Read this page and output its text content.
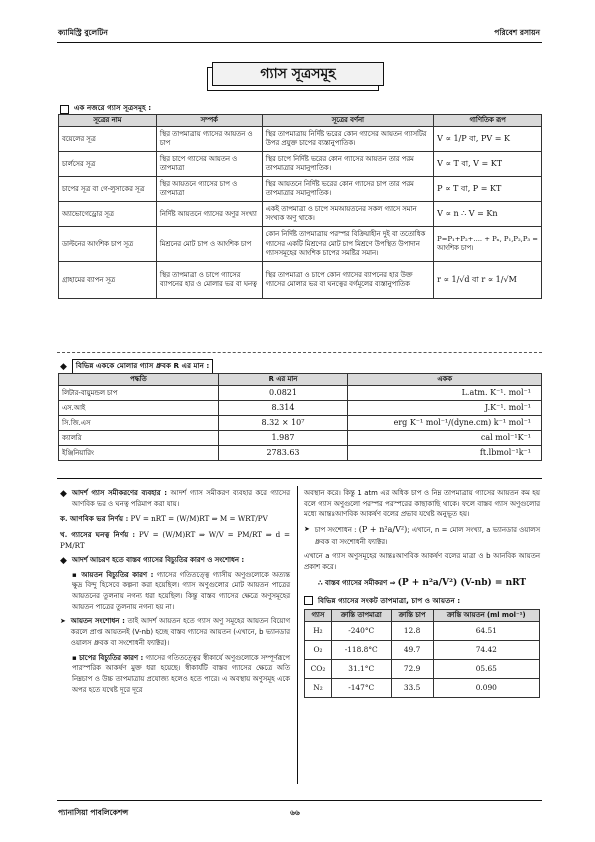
ক্যামিস্ট্রি বুলেটিন	পরিবেশ রসায়ন
গ্যাস সূত্রসমূহ
এক নজরে গ্যাস সূত্রসমূহ :
সূত্রের নাম	সম্পর্ক	সূত্রের বর্ণনা	গাণিতিক রূপ
বয়েলের সূত্র	স্থির তাপমাত্রায় গ্যাসের আয়তন ও চাপ	স্থির তাপমাত্রায় নির্দিষ্ট ভরের কোন গ্যাসের আয়তন গ্যাসটির উপর প্রযুক্ত চাপের ব্যস্তানুপাতিক।	V ∝ 1/P বা, PV = K
চার্লসের সূত্র	স্থির চাপে গ্যাসের আয়তন ও তাপমাত্রা	স্থির চাপে নির্দিষ্ট ভরের কোন গ্যাসের আয়তন তার পরম তাপমাত্রার সমানুপাতিক।	V ∝ T বা, V = KT
চাপের সূত্র বা গে-লুসাকের সূত্র	স্থির আয়তনে গ্যাসের চাপ ও তাপমাত্রা	স্থির আয়তনে নির্দিষ্ট ভরের কোন গ্যাসের চাপ তার পরম তাপমাত্রার সমানুপাতিক।	P ∝ T বা, P = KT
অ্যাভোগেড্রোর সূত্র	নির্দিষ্ট আয়তনে গ্যাসের অণুর সংখ্যা	একই তাপমাত্রা ও চাপে সমআয়তনের সকল গ্যাসে সমান সংখ্যক অণু থাকে।	V ∝ n ∴ V = Kn
ডাল্টনের আংশিক চাপ সূত্র	মিশ্রনের মোট চাপ ও আংশিক চাপ	কোন নির্দিষ্ট তাপমাত্রায় পরস্পর বিক্রিয়াহীন দুই বা ততোধিক গ্যাসের একটি মিশ্রণের মোট চাপ মিশ্রণে উপস্থিত উপাদান গ্যাসসমূহের আংশিক চাপের সমষ্টির সমান।	P=P₁+P₂+.... + Pₙ, P₁,P₂,P₃ = আংশিক চাপ।
গ্রাহামের ব্যাপন সূত্র	স্থির তাপমাত্রা ও চাপে গ্যাসের ব্যাপনের হার ও মোলার ভর বা ঘনত্ব	স্থির তাপমাত্রা ও চাপে কোন গ্যাসের ব্যাপনের হার উক্ত গ্যাসের মোলার ভর বা ঘনত্বের বর্গমূলের ব্যস্তানুপাতিক	r ∝ 1/√d বা r ∝ 1/√M
◆	বিভিন্ন এককে মোলার গ্যাস ধ্রুবক R এর মান :
পদ্ধতি	R এর মান	একক
লিটার-বায়ুমন্ডল চাপ	0.0821	L.atm. K⁻¹. mol⁻¹
এস.আই	8.314	J.K⁻¹. mol⁻¹
সি.জি.এস	8.32 × 10⁷	erg K⁻¹ mol⁻¹/(dyne.cm) k⁻¹ mol⁻¹
ক্যালরি	1.987	cal mol⁻¹K⁻¹
ইঞ্জিনিয়ারিং	2783.63	ft.lbmol⁻¹k⁻¹
◆ আদর্শ গ্যাস সমীকরণের ব্যবহার : আদর্শ গ্যাস সমীকরণ ব্যবহার করে গ্যাসের আণবিক ভর ও ঘনত্ব পরিমাপ করা যায়।

ক. আণবিক ভর নির্ণয় : PV = nRT = (W/M)RT ⇒ M = WRT/PV

খ. গ্যাসের ঘনত্ব নির্ণয় : PV = (W/M)RT ⇒ W/V = PM/RT ⇒ d = PM/RT

◆ আদর্শ আচরণ হতে বাস্তব গ্যাসের বিচ্যুতির কারণ ও সংশোধন :

▪ আয়তন বিচ্যুতির কারণ : গ্যাসের গতিতত্ত্বে গ্যাসীয় অণুগুলোকে অত্যন্ত ক্ষুদ্র বিন্দু হিসেবে কল্পনা করা হয়েছিল। গ্যাস অণুগুলোর মোট আয়তন পাত্রের আয়তনের তুলনায় নগন্য ধরা হয়েছিল। কিন্তু বাস্তব গ্যাসের ক্ষেত্রে অণুসমূহের আয়তন পাত্রের তুলনায় নগন্য হয় না।

➤ আয়তন সংশোধন : তাই আদর্শ আয়তন হতে গ্যাস অণু সমূহের আয়তন বিয়োগ করলে প্রাপ্ত আয়তনই (V-nb) হচ্ছে বাস্তব গ্যাসের আয়তন (এখানে, b ভ্যানডার ওয়ালস ধ্রুবক বা সংশোধনী ফ্যাক্টর)।

▪ চাপের বিচ্যুতির কারণ : গ্যাসের গতিতত্ত্বের স্বীকার্যে অণুগুলোকে সম্পূর্ণরূপে পারস্পরিক আকর্ষণ মুক্ত ধরা হয়েছে। স্বীকার্যটি বাস্তব গ্যাসের ক্ষেত্রে অতি নিম্নচাপ ও উচ্চ তাপমাত্রায় প্রযোজ্য হলেও হতে পারে। এ অবস্থায় অণুসমূহ একে অপর হতে যথেষ্ট দূরে দূরে

অবস্থান করে। কিন্তু 1 atm এর অধিক চাপ ও নিম্ন তাপমাত্রায় গ্যাসের আয়তন কম হয় বলে গ্যাস অণুগুলো পরস্পর পরস্পরের কাছাকাছি থাকে। ফলে বাস্তব গ্যাস অণুগুলোর মধ্যে আন্তঃআণবিক আকর্ষণ বলের প্রভাব যথেষ্ট অনুভূত হয়।

➤ চাপ সংশোধন : (P + n²a/V²); এখানে, n = মোল সংখ্যা, a ভ্যানডার ওয়ালস ধ্রুবক বা সংশোধনী ফ্যাক্টর।

এখানে a গ্যাস অণুসমূহের আন্তঃআণবিক আকর্ষণ বলের মাত্রা ও b আনবিক আয়তন প্রকাশ করে।

∴ বাস্তব গ্যাসের সমীকরণ ⇒ (P + n²a/V²) (V-nb) = nRT

বিভিন্ন গ্যাসের সংকট তাপমাত্রা, চাপ ও আয়তন :
গ্যাস	ক্রান্তি তাপমাত্রা	ক্রান্তি চাপ	ক্রান্তি আয়তন (ml mol⁻¹)
H₂	-240°C	12.8	64.51
O₂	-118.8°C	49.7	74.42
CO₂	31.1°C	72.9	05.65
N₂	-147°C	33.5	0.090
প্যানাসিয়া পাবলিকেশন্স	৬৬
